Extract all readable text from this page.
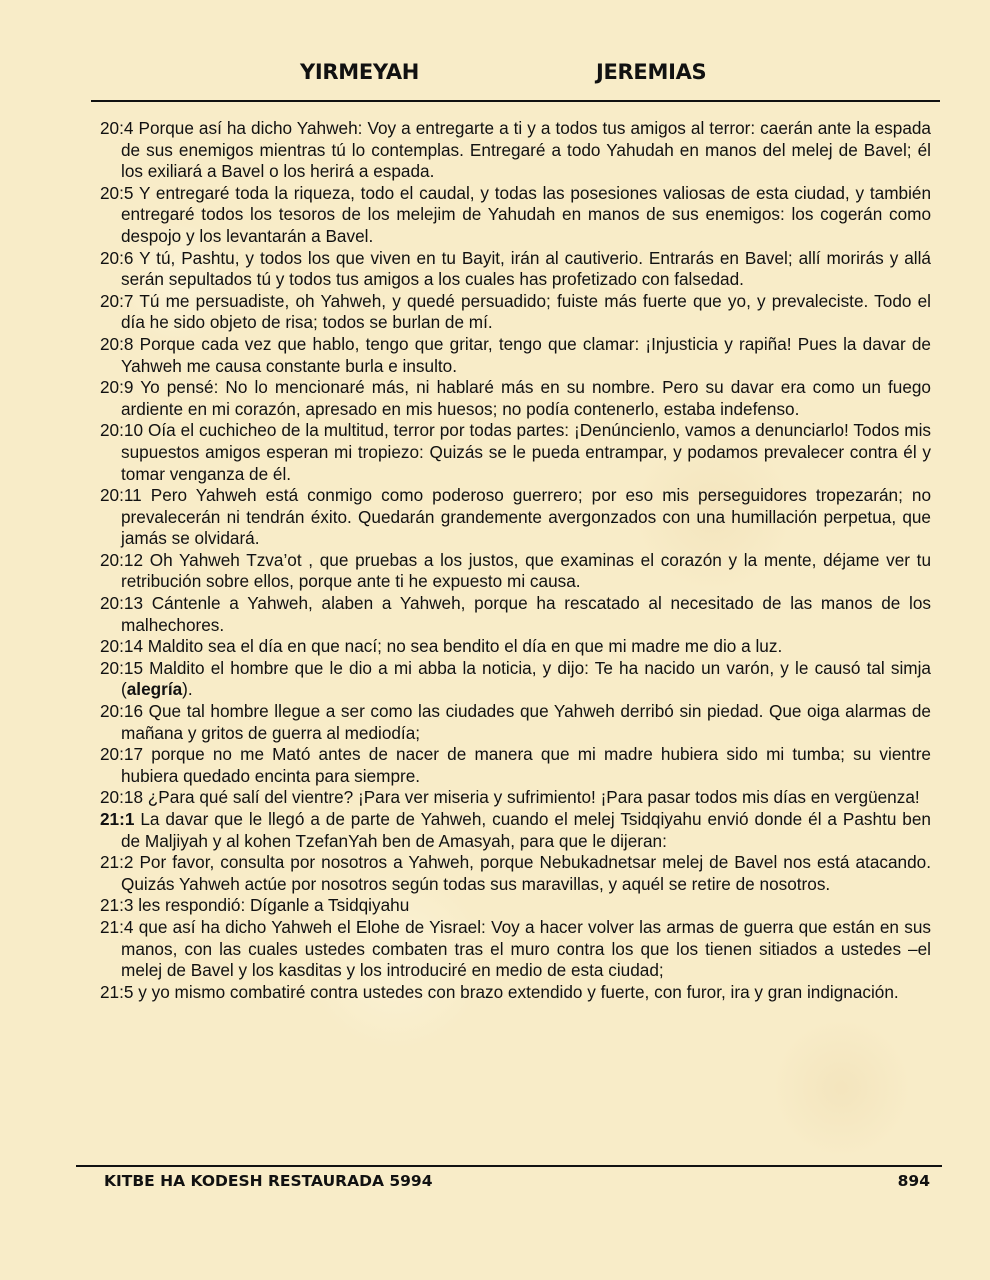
YIRMEYAH	JEREMIAS

20:4 Porque así ha dicho Yahweh: Voy a entregarte a ti y a todos tus amigos al terror: caerán ante la espada de sus enemigos mientras tú lo contemplas. Entregaré a todo Yahudah en manos del melej de Bavel; él los exiliará a Bavel o los herirá a espada.

20:5 Y entregaré toda la riqueza, todo el caudal, y todas las posesiones valiosas de esta ciudad, y también entregaré todos los tesoros de los melejim de Yahudah en manos de sus enemigos: los cogerán como despojo y los levantarán a Bavel.

20:6 Y tú, Pashtu, y todos los que viven en tu Bayit, irán al cautiverio. Entrarás en Bavel; allí morirás y allá serán sepultados tú y todos tus amigos a los cuales has profetizado con falsedad.

20:7 Tú me persuadiste, oh Yahweh, y quedé persuadido; fuiste más fuerte que yo, y prevaleciste. Todo el día he sido objeto de risa; todos se burlan de mí.

20:8 Porque cada vez que hablo, tengo que gritar, tengo que clamar: ¡Injusticia y rapiña! Pues la davar de Yahweh me causa constante burla e insulto.

20:9 Yo pensé: No lo mencionaré más, ni hablaré más en su nombre. Pero su davar era como un fuego ardiente en mi corazón, apresado en mis huesos; no podía contenerlo, estaba indefenso.

20:10 Oía el cuchicheo de la multitud, terror por todas partes: ¡Denúncienlo, vamos a denunciarlo! Todos mis supuestos amigos esperan mi tropiezo: Quizás se le pueda entrampar, y podamos prevalecer contra él y tomar venganza de él.

20:11 Pero Yahweh está conmigo como poderoso guerrero; por eso mis perseguidores tropezarán; no prevalecerán ni tendrán éxito. Quedarán grandemente avergonzados con una humillación perpetua, que jamás se olvidará.

20:12 Oh Yahweh Tzva’ot , que pruebas a los justos, que examinas el corazón y la mente, déjame ver tu retribución sobre ellos, porque ante ti he expuesto mi causa.

20:13 Cántenle a Yahweh, alaben a Yahweh, porque ha rescatado al necesitado de las manos de los malhechores.

20:14 Maldito sea el día en que nací; no sea bendito el día en que mi madre me dio a luz.

20:15 Maldito el hombre que le dio a mi abba la noticia, y dijo: Te ha nacido un varón, y le causó tal simja (alegría).

20:16 Que tal hombre llegue a ser como las ciudades que Yahweh derribó sin piedad. Que oiga alarmas de mañana y gritos de guerra al mediodía;

20:17 porque no me Mató antes de nacer de manera que mi madre hubiera sido mi tumba; su vientre hubiera quedado encinta para siempre.

20:18 ¿Para qué salí del vientre? ¡Para ver miseria y sufrimiento! ¡Para pasar todos mis días en vergüenza!

21:1 La davar que le llegó a de parte de Yahweh, cuando el melej Tsidqiyahu envió donde él a Pashtu ben de Maljiyah y al kohen TzefanYah ben de Amasyah, para que le dijeran:

21:2 Por favor, consulta por nosotros a Yahweh, porque Nebukadnetsar melej de Bavel nos está atacando. Quizás Yahweh actúe por nosotros según todas sus maravillas, y aquél se retire de nosotros.

21:3 les respondió: Díganle a Tsidqiyahu

21:4 que así ha dicho Yahweh el Elohe de Yisrael: Voy a hacer volver las armas de guerra que están en sus manos, con las cuales ustedes combaten tras el muro contra los que los tienen sitiados a ustedes –el melej de Bavel y los kasditas y los introduciré en medio de esta ciudad;

21:5 y yo mismo combatiré contra ustedes con brazo extendido y fuerte, con furor, ira y gran indignación.

KITBE HA KODESH RESTAURADA 5994	894
